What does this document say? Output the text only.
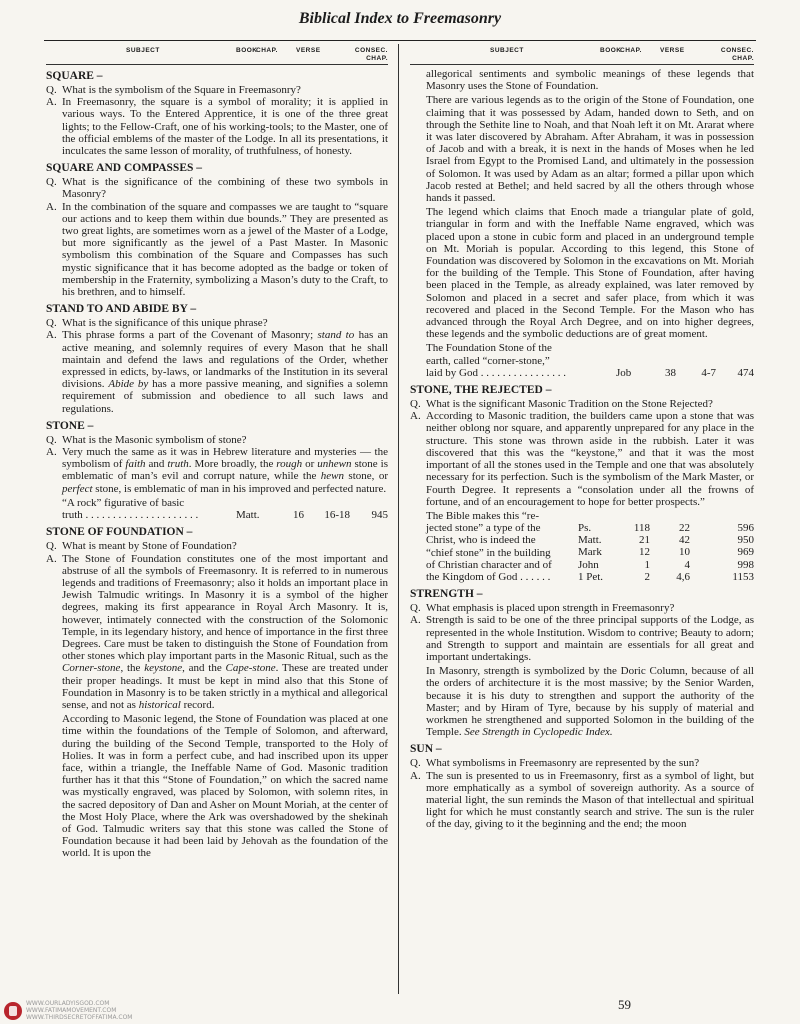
Biblical Index to Freemasonry
SUBJECT	BOOK
CHAP.	VERSE	CONSEC.
CHAP.
SQUARE –

Q. What is the symbolism of the Square in Freemasonry?

A. In Freemasonry, the square is a symbol of morality; it is applied in various ways. To the Entered Apprentice, it is one of the three great lights; to the Fellow-Craft, one of his working-tools; to the Master, one of the official emblems of the master of the Lodge. In all its presentations, it inculcates the same lesson of morality, of truthfulness, of honesty.

SQUARE AND COMPASSES –

Q. What is the significance of the combining of these two symbols in Masonry?

A. In the combination of the square and compasses we are taught to “square our actions and to keep them within due bounds.” They are presented as two great lights, are sometimes worn as a jewel of the Master of a Lodge, but more significantly as the jewel of a Past Master. In Masonic symbolism this combination of the Square and Compasses has such mystic significance that it has become adopted as the badge or token of membership in the Fraternity, symbolizing a Mason’s duty to the Craft, to his brethren, and to himself.

STAND TO AND ABIDE BY –

Q. What is the significance of this unique phrase?

A. This phrase forms a part of the Covenant of Masonry; stand to has an active meaning, and solemnly requires of every Mason that he shall maintain and defend the laws and regulations of the Order, whether expressed in edicts, by-laws, or landmarks of the Institution in its several divisions. Abide by has a more passive meaning, and signifies a solemn requirement of submission and obedience to all such laws and regulations.

STONE –

Q. What is the Masonic symbolism of stone?

A. Very much the same as it was in Hebrew literature and mysteries — the symbolism of faith and truth. More broadly, the rough or unhewn stone is emblematic of man’s evil and corrupt nature, while the hewn stone, or perfect stone, is emblematic of man in his improved and perfected nature.

“A rock” figurative of basic
truth . . . . . . . . . . . . . . . . . . . . .	Matt.	16	16-18	945
STONE OF FOUNDATION –

Q. What is meant by Stone of Foundation?

A. The Stone of Foundation constitutes one of the most important and abstruse of all the symbols of Freemasonry. It is referred to in numerous legends and traditions of Freemasonry; also it holds an important place in Jewish Talmudic writings. In Masonry it is a symbol of the higher degrees, making its first appearance in Royal Arch Masonry. It is, however, intimately connected with the construction of the Solomonic Temple, in its legendary history, and hence of importance in the first three Degrees. Care must be taken to distinguish the Stone of Foundation from other stones which play important parts in the Masonic Ritual, such as the Corner-stone, the keystone, and the Cape-stone. These are treated under their proper headings. It must be kept in mind also that this Stone of Foundation in Masonry is to be taken strictly in a mythical and allegorical sense, and not as historical record.

According to Masonic legend, the Stone of Foundation was placed at one time within the foundations of the Temple of Solomon, and afterward, during the building of the Second Temple, transported to the Holy of Holies. It was in form a perfect cube, and had inscribed upon its upper face, within a triangle, the Ineffable Name of God. Masonic tradition further has it that this “Stone of Foundation,” on which the sacred name was mystically engraved, was placed by Solomon, with solemn rites, in the sacred depository of Dan and Asher on Mount Moriah, at the center of the Most Holy Place, where the Ark was overshadowed by the shekinah of God. Talmudic writers say that this stone was called the Stone of Foundation because it had been laid by Jehovah as the foundation of the world. It is upon the

SUBJECT	BOOK
CHAP.	VERSE	CONSEC.
CHAP.

allegorical sentiments and symbolic meanings of these legends that Masonry uses the Stone of Foundation.

There are various legends as to the origin of the Stone of Foundation, one claiming that it was possessed by Adam, handed down to Seth, and on through the Sethite line to Noah, and that Noah left it on Mt. Ararat where it was later discovered by Abraham. After Abraham, it was in possession of Jacob and with a break, it is next in the hands of Moses when he led Israel from Egypt to the Promised Land, and ultimately in the possession of Solomon. It was used by Adam as an altar; formed a pillar upon which Jacob rested at Bethel; and held sacred by all the others through whose hands it passed.

The legend which claims that Enoch made a triangular plate of gold, triangular in form and with the Ineffable Name engraved, which was placed upon a stone in cubic form and placed in an underground temple on Mt. Moriah is popular. According to this legend, this Stone of Foundation was discovered by Solomon in the excavations on Mt. Moriah for the building of the Temple. This Stone of Foundation, after having been placed in the Temple, as already explained, was later removed by Solomon and placed in a secret and safer place, from which it was recovered and placed in the Second Temple. For the Mason who has advanced through the Royal Arch Degree, and on into higher degrees, these legends and the symbolic deductions are of great moment.

The Foundation Stone of the
earth, called “corner-stone,”
laid by God . . . . . . . . . . . . . . . .	Job	38	4-7	474
STONE, THE REJECTED –

Q. What is the significant Masonic Tradition on the Stone Rejected?

A. According to Masonic tradition, the builders came upon a stone that was neither oblong nor square, and apparently unprepared for any place in the structure. This stone was thrown aside in the rubbish. Later it was discovered that this was the “keystone,” and that it was the most important of all the stones used in the Temple and one that was absolutely necessary for its perfection. Such is the symbolism of the Mark Master, or Fourth Degree. It represents a “consolation under all the frowns of fortune, and of an encouragement to hope for better prospects.”

The Bible makes this “re-
jected stone” a type of the
Christ, who is indeed the
“chief stone” in the building
of Christian character and of
the Kingdom of God . . . . . .
Ps.	118	22	596
Matt.	21	42	950
Mark	12	10	969
John	1	4	998
1 Pet.	2	4,6	1153
STRENGTH –

Q. What emphasis is placed upon strength in Freemasonry?

A. Strength is said to be one of the three principal supports of the Lodge, as represented in the whole Institution. Wisdom to contrive; Beauty to adorn; and Strength to support and maintain are essentials for all great and important undertakings.

In Masonry, strength is symbolized by the Doric Column, because of all the orders of architecture it is the most massive; by the Senior Warden, because it is his duty to strengthen and support the authority of the Master; and by Hiram of Tyre, because by his supply of material and workmen he strengthened and supported Solomon in the building of the Temple. See Strength in Cyclopedic Index.

SUN –

Q. What symbolisms in Freemasonry are represented by the sun?

A. The sun is presented to us in Freemasonry, first as a symbol of light, but more emphatically as a symbol of sovereign authority. As a source of material light, the sun reminds the Mason of that intellectual and spiritual light for which he must constantly search and strive. The sun is the ruler of the day, giving to it the beginning and the end; the moon

59
WWW.OURLADYISGOD.COM
WWW.FATIMAMOVEMENT.COM
WWW.THIRDSECRETOFFATIMA.COM
